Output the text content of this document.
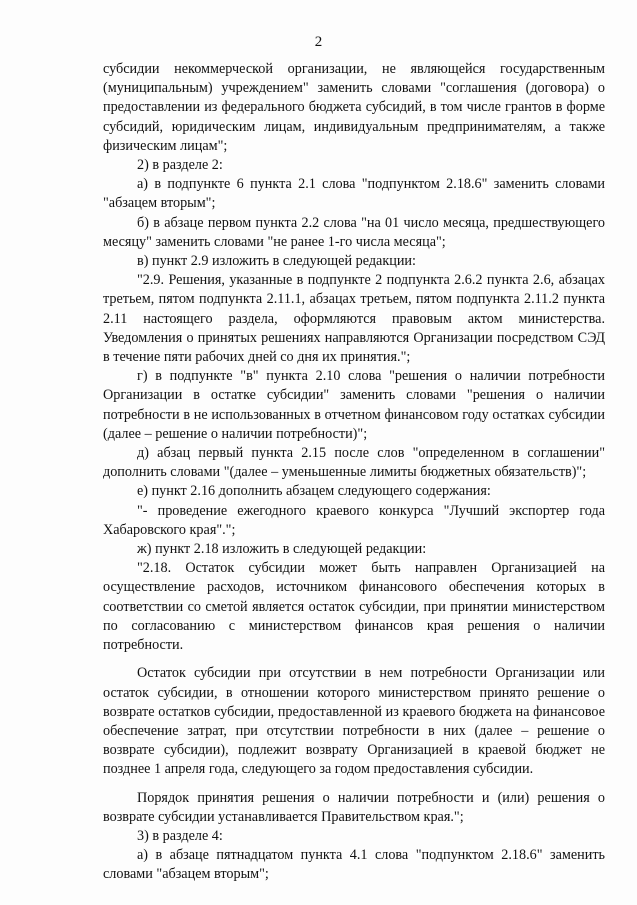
2

субсидии некоммерческой организации, не являющейся государственным (муниципальным) учреждением" заменить словами "соглашения (договора) о предоставлении из федерального бюджета субсидий, в том числе грантов в форме субсидий, юридическим лицам, индивидуальным предпринимателям, а также физическим лицам";

2) в разделе 2:

а) в подпункте 6 пункта 2.1 слова "подпунктом 2.18.6" заменить словами "абзацем вторым";

б) в абзаце первом пункта 2.2 слова "на 01 число месяца, предшествующего месяцу" заменить словами "не ранее 1-го числа месяца";

в) пункт 2.9 изложить в следующей редакции:

"2.9. Решения, указанные в подпункте 2 подпункта 2.6.2 пункта 2.6, абзацах третьем, пятом подпункта 2.11.1, абзацах третьем, пятом подпункта 2.11.2 пункта 2.11 настоящего раздела, оформляются правовым актом министерства. Уведомления о принятых решениях направляются Организации посредством СЭД в течение пяти рабочих дней со дня их принятия.";

г) в подпункте "в" пункта 2.10 слова "решения о наличии потребности Организации в остатке субсидии" заменить словами "решения о наличии потребности в не использованных в отчетном финансовом году остатках субсидии (далее – решение о наличии потребности)";

д) абзац первый пункта 2.15 после слов "определенном в соглашении" дополнить словами "(далее – уменьшенные лимиты бюджетных обязательств)";

е) пункт 2.16 дополнить абзацем следующего содержания:

"- проведение ежегодного краевого конкурса "Лучший экспортер года Хабаровского края".";

ж) пункт 2.18 изложить в следующей редакции:

"2.18. Остаток субсидии может быть направлен Организацией на осуществление расходов, источником финансового обеспечения которых в соответствии со сметой является остаток субсидии, при принятии министерством по согласованию с министерством финансов края решения о наличии потребности.

Остаток субсидии при отсутствии в нем потребности Организации или остаток субсидии, в отношении которого министерством принято решение о возврате остатков субсидии, предоставленной из краевого бюджета на финансовое обеспечение затрат, при отсутствии потребности в них (далее – решение о возврате субсидии), подлежит возврату Организацией в краевой бюджет не позднее 1 апреля года, следующего за годом предоставления субсидии.

Порядок принятия решения о наличии потребности и (или) решения о возврате субсидии устанавливается Правительством края.";

3) в разделе 4:

а) в абзаце пятнадцатом пункта 4.1 слова "подпунктом 2.18.6" заменить словами "абзацем вторым";
